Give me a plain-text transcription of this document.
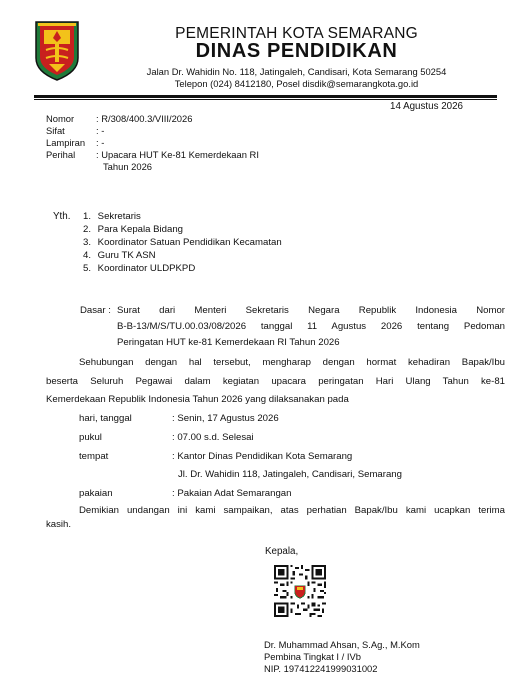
PEMERINTAH KOTA SEMARANG
DINAS PENDIDIKAN
Jalan Dr. Wahidin No. 118, Jatingaleh, Candisari, Kota Semarang 50254
Telepon (024) 8412180, Posel disdik@semarangkota.go.id
14 Agustus 2026
Nomor : R/308/400.3/VIII/2026
Sifat	: -
Lampiran : -
Perihal : Upacara HUT Ke-81 Kemerdekaan RI
Tahun 2026
Yth. 1. Sekretaris
2. Para Kepala Bidang
3. Koordinator Satuan Pendidikan Kecamatan
4. Guru TK ASN
5. Koordinator ULDPKPD
Dasar : Surat dari Menteri Sekretaris Negara Republik Indonesia Nomor
B-B-13/M/S/TU.00.03/08/2026 tanggal 11 Agustus 2026 tentang Pedoman
Peringatan HUT ke-81 Kemerdekaan RI Tahun 2026
Sehubungan dengan hal tersebut, mengharap dengan hormat kehadiran Bapak/Ibu
beserta Seluruh Pegawai dalam kegiatan upacara peringatan Hari Ulang Tahun ke-81
Kemerdekaan Republik Indonesia Tahun 2026 yang dilaksanakan pada
hari, tanggal	: Senin, 17 Agustus 2026
pukul	: 07.00 s.d. Selesai
tempat	: Kantor Dinas Pendidikan Kota Semarang
Jl. Dr. Wahidin 118, Jatingaleh, Candisari, Semarang
pakaian	: Pakaian Adat Semarangan
Demikian undangan ini kami sampaikan, atas perhatian Bapak/Ibu kami ucapkan terima
kasih.
Kepala,
Dr. Muhammad Ahsan, S.Ag., M.Kom
Pembina Tingkat I / IVb
NIP. 197412241999031002
